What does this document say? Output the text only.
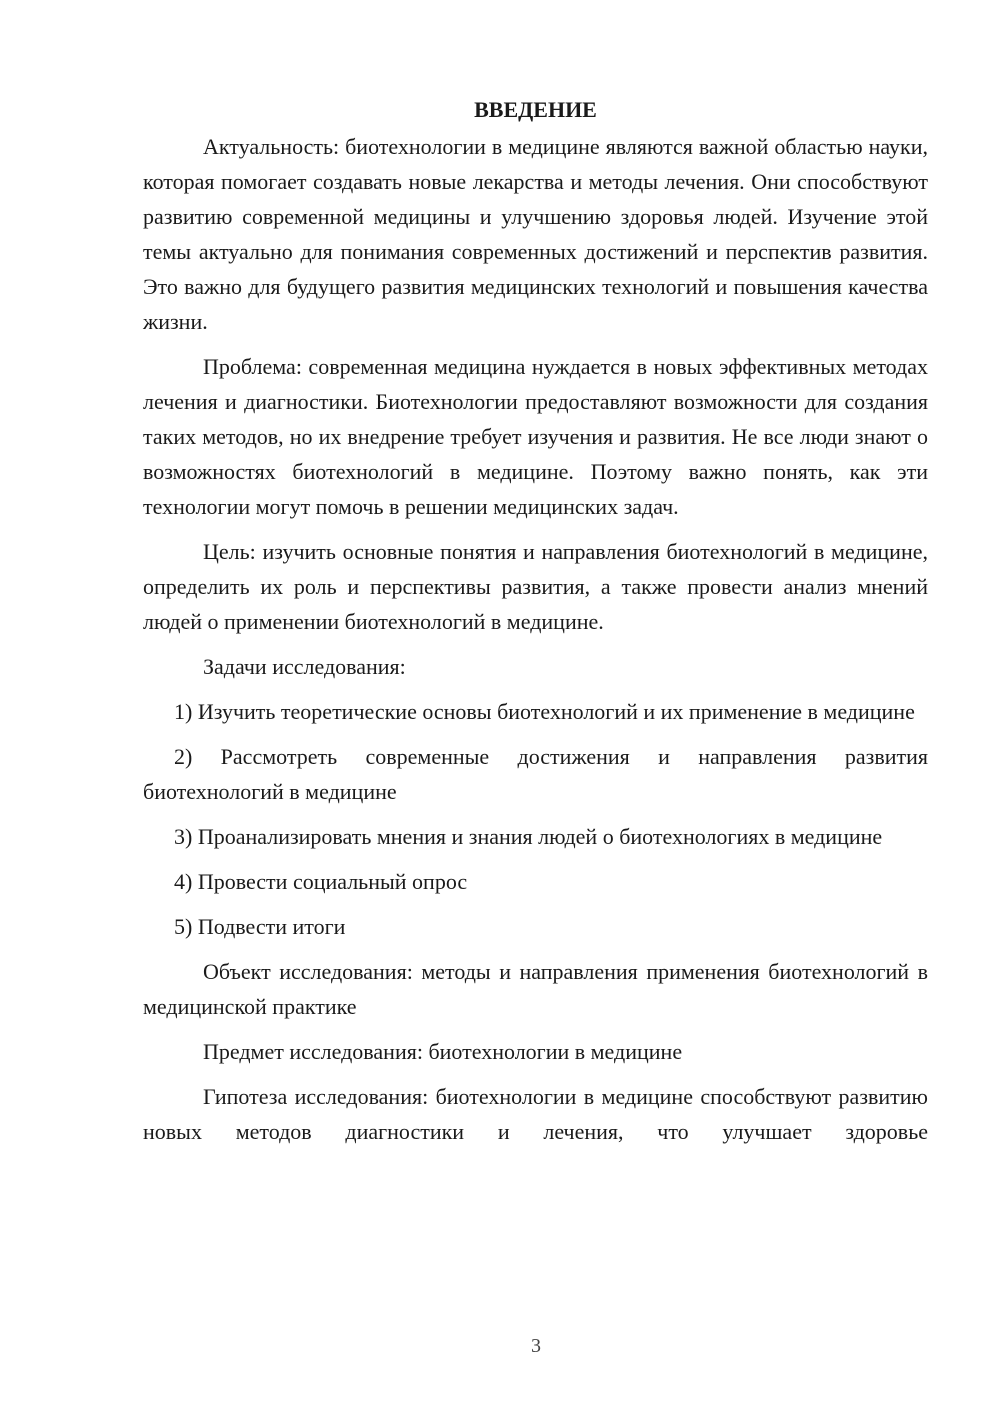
ВВЕДЕНИЕ

Актуальность: биотехнологии в медицине являются важной областью науки, которая помогает создавать новые лекарства и методы лечения. Они способствуют развитию современной медицины и улучшению здоровья людей. Изучение этой темы актуально для понимания современных достижений и перспектив развития. Это важно для будущего развития медицинских технологий и повышения качества жизни.

Проблема: современная медицина нуждается в новых эффективных методах лечения и диагностики. Биотехнологии предоставляют возможности для создания таких методов, но их внедрение требует изучения и развития. Не все люди знают о возможностях биотехнологий в медицине. Поэтому важно понять, как эти технологии могут помочь в решении медицинских задач.

Цель: изучить основные понятия и направления биотехнологий в медицине, определить их роль и перспективы развития, а также провести анализ мнений людей о применении биотехнологий в медицине.

Задачи исследования:

1) Изучить теоретические основы биотехнологий и их применение в медицине

2) Рассмотреть современные достижения и направления развития биотехнологий в медицине

3) Проанализировать мнения и знания людей о биотехнологиях в медицине

4) Провести социальный опрос

5) Подвести итоги

Объект исследования: методы и направления применения биотехнологий в медицинской практике

Предмет исследования: биотехнологии в медицине

Гипотеза исследования: биотехнологии в медицине способствуют развитию новых методов диагностики и лечения, что улучшает здоровье

3
